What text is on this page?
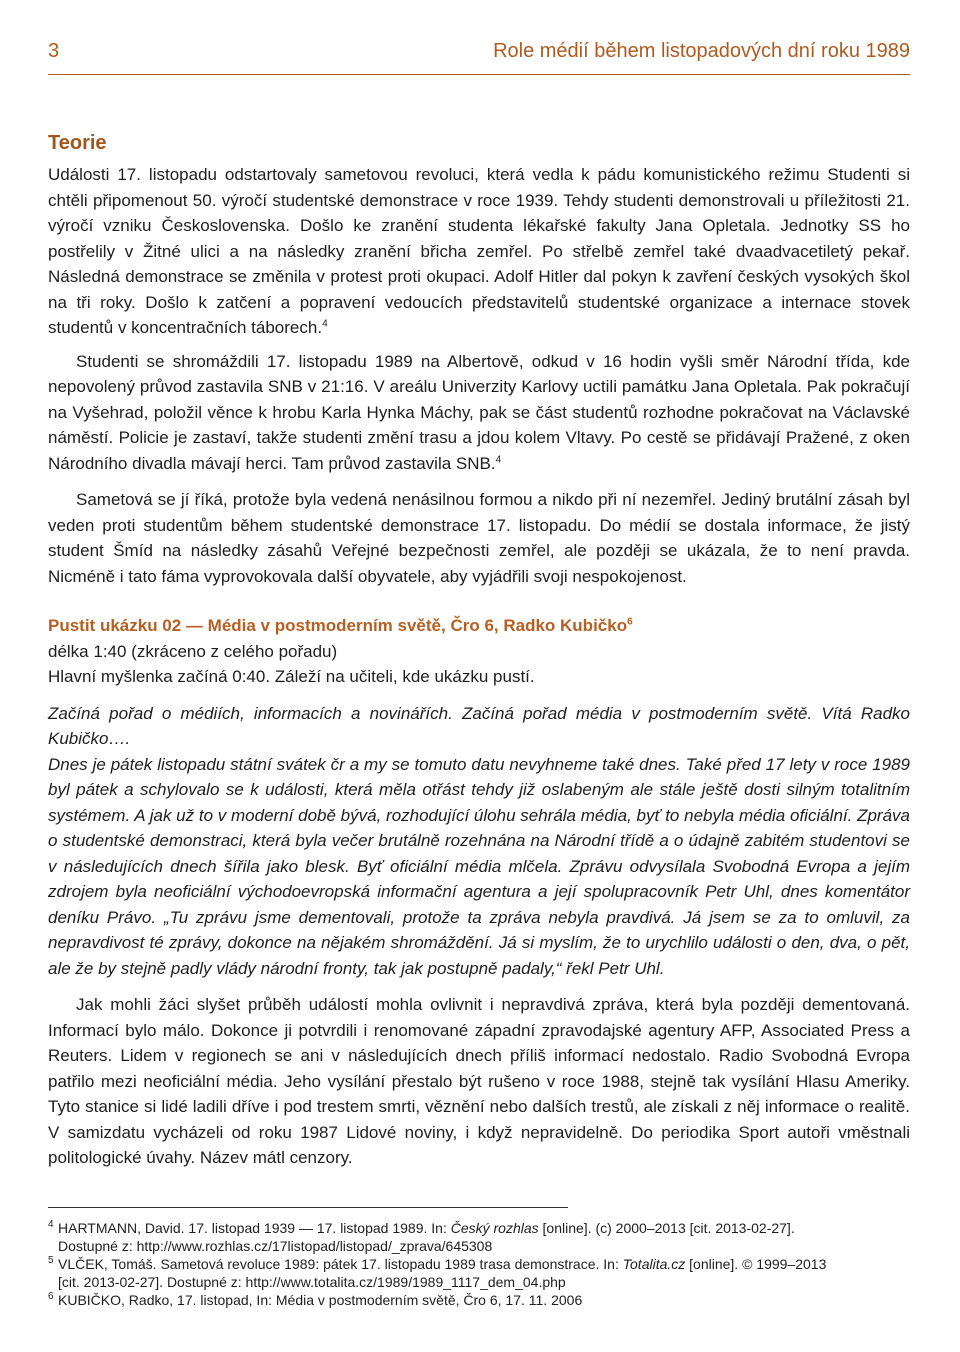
3	Role médií během listopadových dní roku 1989
Teorie

Události 17. listopadu odstartovaly sametovou revoluci, která vedla k pádu komunistického režimu Studenti si chtěli připomenout 50. výročí studentské demonstrace v roce 1939. Tehdy studenti demonstrovali u příležitosti 21. výročí vzniku Československa. Došlo ke zranění studenta lékařské fakulty Jana Opletala. Jednotky SS ho postřelily v Žitné ulici a na následky zranění břicha zemřel. Po střelbě zemřel také dvaadvacetiletý pekař. Následná demonstrace se změnila v protest proti okupaci. Adolf Hitler dal pokyn k zavření českých vysokých škol na tři roky. Došlo k zatčení a popravení vedoucích představitelů studentské organizace a internace stovek studentů v koncentračních táborech.$^4$

Studenti se shromáždili 17. listopadu 1989 na Albertově, odkud v 16 hodin vyšli směr Národní třída, kde nepovolený průvod zastavila SNB v 21:16. V areálu Univerzity Karlovy uctili památku Jana Opletala. Pak pokračují na Vyšehrad, položil věnce k hrobu Karla Hynka Máchy, pak se část studentů rozhodne pokračovat na Václavské náměstí. Policie je zastaví, takže studenti změní trasu a jdou kolem Vltavy. Po cestě se přidávají Pražené, z oken Národního divadla mávají herci. Tam průvod zastavila SNB.$^4$

Sametová se jí říká, protože byla vedená nenásilnou formou a nikdo při ní nezemřel. Jediný brutální zásah byl veden proti studentům během studentské demonstrace 17. listopadu. Do médií se dostala informace, že jistý student Šmíd na následky zásahů Veřejné bezpečnosti zemřel, ale později se ukázala, že to není pravda. Nicméně i tato fáma vyprovokovala další obyvatele, aby vyjádřili svoji nespokojenost.

Pustit ukázku 02 — Média v postmoderním světě, Čro 6, Radko Kubičko$^6$

délka 1:40 (zkráceno z celého pořadu)

Hlavní myšlenka začíná 0:40. Záleží na učiteli, kde ukázku pustí.

Začíná pořad o médiích, informacích a novinářích. Začíná pořad média v postmoderním světě. Vítá Radko Kubičko….

Dnes je pátek listopadu státní svátek čr a my se tomuto datu nevyhneme také dnes. Také před 17 lety v roce 1989 byl pátek a schylovalo se k události, která měla otřást tehdy již oslabeným ale stále ještě dosti silným totalitním systémem. A jak už to v moderní době bývá, rozhodující úlohu sehrála média, byť to nebyla média oficiální. Zpráva o studentské demonstraci, která byla večer brutálně rozehnána na Národní třídě a o údajně zabitém studentovi se v následujících dnech šířila jako blesk. Byť oficiální média mlčela. Zprávu odvysílala Svobodná Evropa a jejím zdrojem byla neoficiální východoevropská informační agentura a její spolupracovník Petr Uhl, dnes komentátor deníku Právo. „Tu zprávu jsme dementovali, protože ta zpráva nebyla pravdivá. Já jsem se za to omluvil, za nepravdivost té zprávy, dokonce na nějakém shromáždění. Já si myslím, že to urychlilo události o den, dva, o pět, ale že by stejně padly vlády národní fronty, tak jak postupně padaly,“ řekl Petr Uhl.

Jak mohli žáci slyšet průběh událostí mohla ovlivnit i nepravdivá zpráva, která byla později dementovaná. Informací bylo málo. Dokonce ji potvrdili i renomované západní zpravodajské agentury AFP, Associated Press a Reuters. Lidem v regionech se ani v následujících dnech příliš informací nedostalo. Radio Svobodná Evropa patřilo mezi neoficiální média. Jeho vysílání přestalo být rušeno v roce 1988, stejně tak vysílání Hlasu Ameriky. Tyto stanice si lidé ladili dříve i pod trestem smrti, věznění nebo dalších trestů, ale získali z něj informace o realitě. V samizdatu vycházeli od roku 1987 Lidové noviny, i když nepravidelně. Do periodika Sport autoři vměstnali politologické úvahy. Název mátl cenzory.

4 HARTMANN, David. 17. listopad 1939 — 17. listopad 1989. In: Český rozhlas [online]. (c) 2000–2013 [cit. 2013-02-27].
Dostupné z: http://www.rozhlas.cz/17listopad/listopad/_zprava/645308
5 VLČEK, Tomáš. Sametová revoluce 1989: pátek 17. listopadu 1989 trasa demonstrace. In: Totalita.cz [online]. © 1999–2013
[cit. 2013-02-27]. Dostupné z: http://www.totalita.cz/1989/1989_1117_dem_04.php
6 KUBIČKO, Radko, 17. listopad, In: Média v postmoderním světě, Čro 6, 17. 11. 2006
